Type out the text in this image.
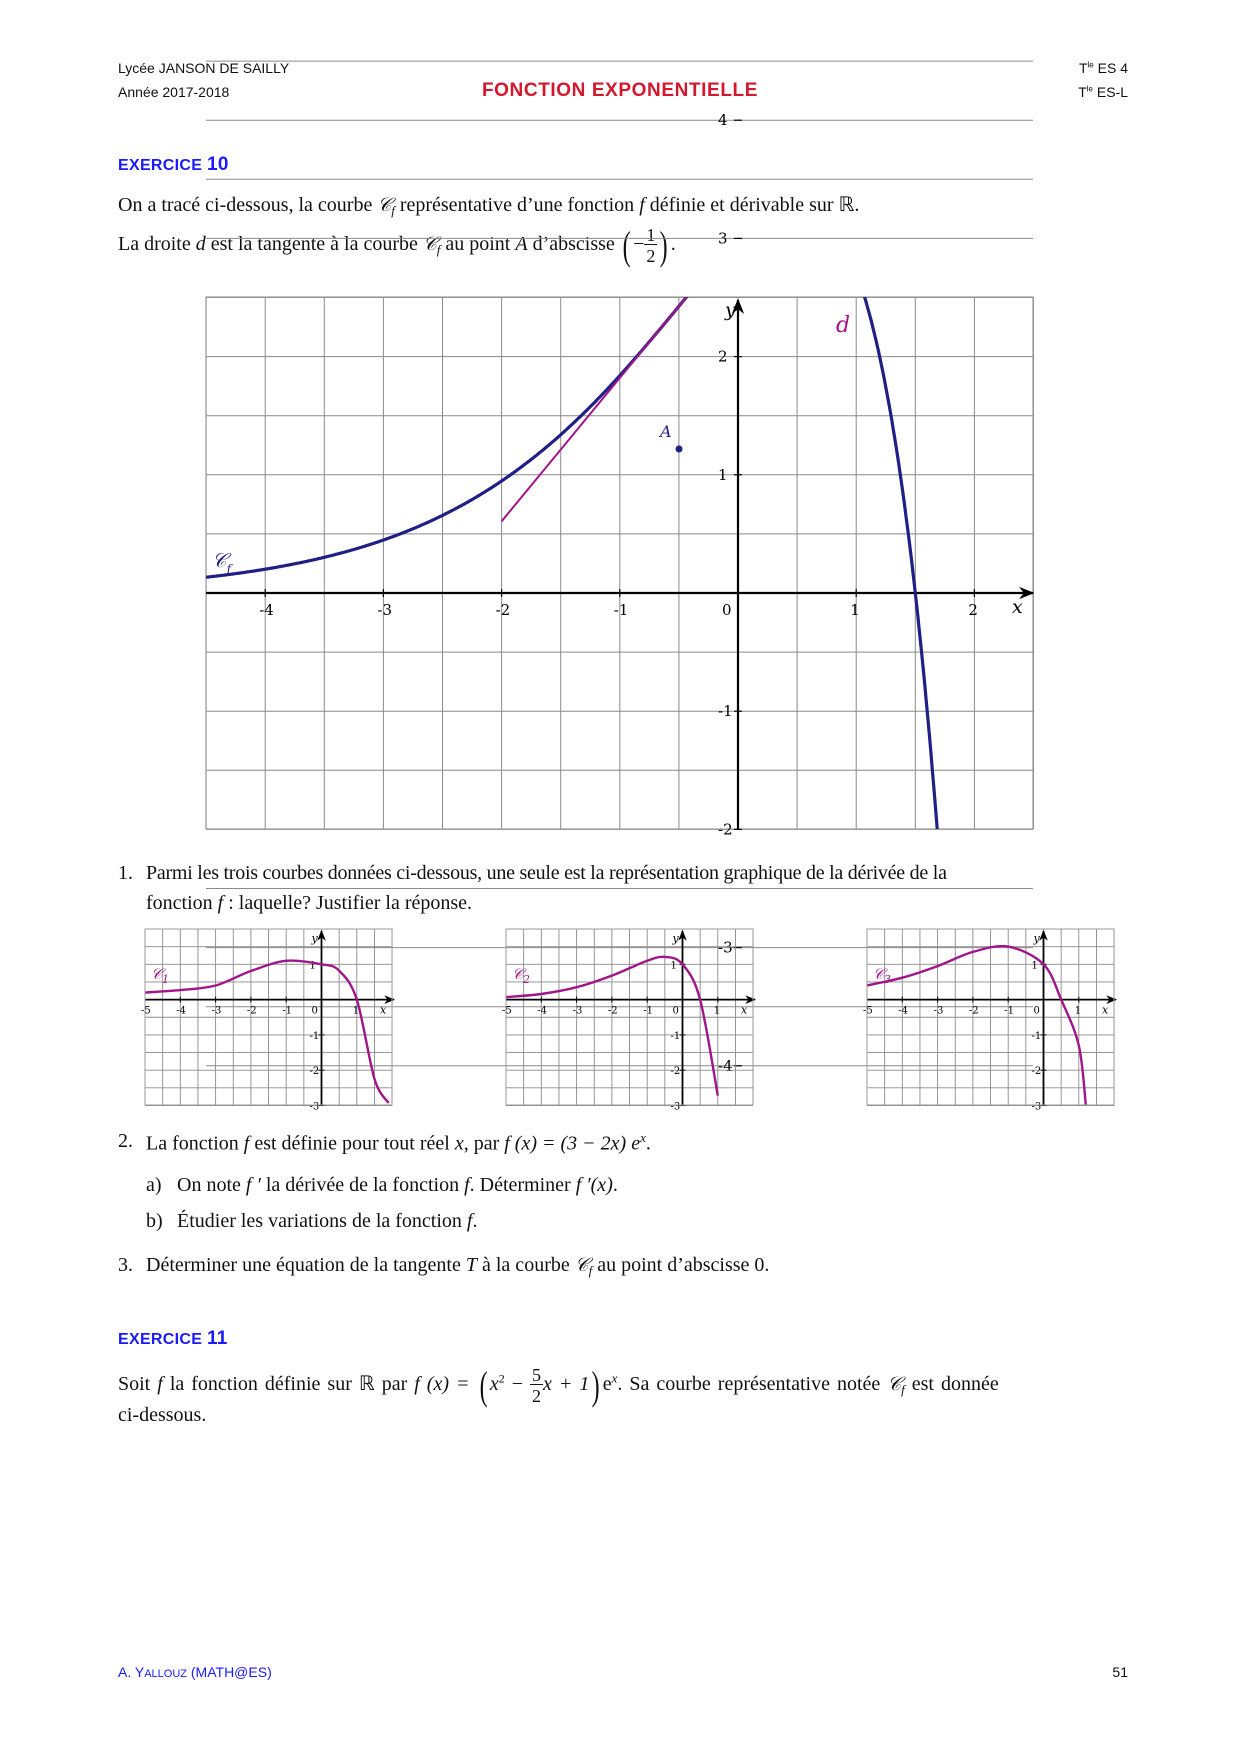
Lycée JANSON DE SAILLY
Année 2017-2018	FONCTION EXPONENTIELLE
$T^{le}$ ES 4
$T^{le}$ ES-L
EXERCICE 10
On a tracé ci-dessous, la courbe 𝒞$_f$ représentative d’une fonction f définie et dérivable sur ℝ.
La droite d est la tangente à la courbe 𝒞$_f$ au point A d’abscisse ( − $\frac{1}{2}$ ) .
-4	-3	-2	-1	0	1	2
-4
-3
-2
-1
1
2
3
4
y
x
A
d
𝒞$_f$
-5	-4	-3	-2	-1 0	1
-3
-2
-1
1
y
x
𝒞$_1$
-5	-4	-3	-2	-1 0	1
-3
-2
-1
1
y
x
𝒞$_2$
-5	-4	-3	-2	-1 0	1
-3
-2
-1
1
y
x
𝒞$_3$
1. Parmi les trois courbes données ci-dessous, une seule est la représentation graphique de la dérivée de la
fonction f : laquelle? Justifier la réponse.
2. La fonction f est définie pour tout réel x, par f (x) = (3 − 2x) $e^x$.
a) On note f ′ la dérivée de la fonction f. Déterminer f ′(x).
b) Étudier les variations de la fonction f.
3. Déterminer une équation de la tangente T à la courbe 𝒞$_f$ au point d’abscisse 0.
EXERCICE 11
Soit f la fonction définie sur ℝ par f (x) = ( $x^2 - \frac{5}{2}$ x + 1) $e^x$. Sa courbe représentative notée 𝒞$_f$ est donnée
ci-dessous.
A. YALLOUZ (MATH@ES)	51
